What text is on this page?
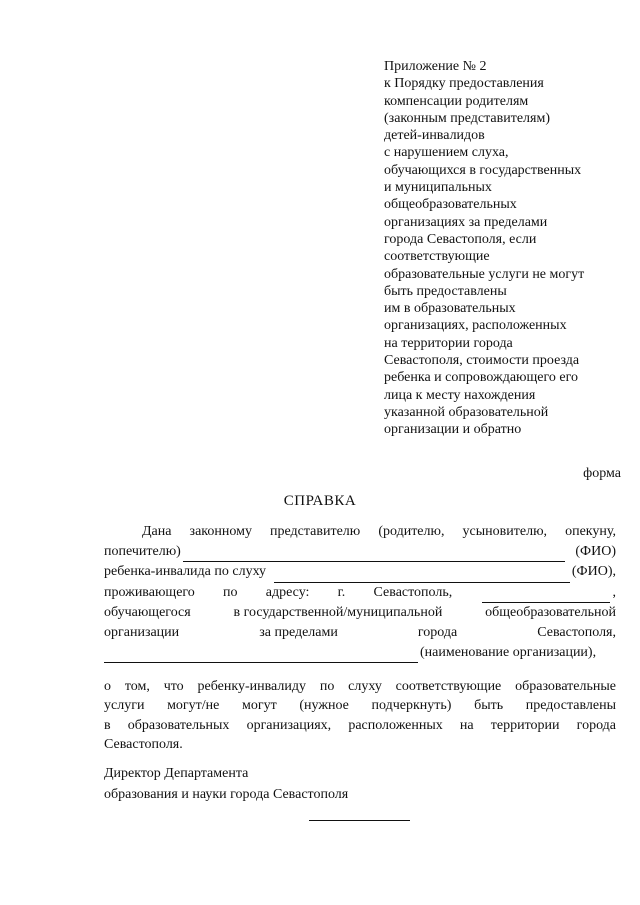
Приложение № 2
к Порядку предоставления
компенсации родителям
(законным представителям)
детей-инвалидов
с нарушением слуха,
обучающихся в государственных
и муниципальных
общеобразовательных
организациях за пределами
города Севастополя, если
соответствующие
образовательные услуги не могут
быть предоставлены
им в образовательных
организациях, расположенных
на территории города
Севастополя, стоимости проезда
ребенка и сопровождающего его
лица к месту нахождения
указанной образовательной
организации и обратно
форма
СПРАВКА
Дана законному представителю (родителю, усыновителю, опекуну,
попечителю)	(ФИО)
ребенка-инвалида по слуху	(ФИО),
проживающего по адресу: г. Севастополь,	,
обучающегося	в государственной/муниципальной	общеобразовательной
организации	за пределами	города	Севастополя,
(наименование организации),
о том, что ребенку-инвалиду по слуху соответствующие образовательные
услуги могут/не могут (нужное подчеркнуть) быть предоставлены
в образовательных организациях, расположенных на территории города
Севастополя.
Директор Департамента
образования и науки города Севастополя
